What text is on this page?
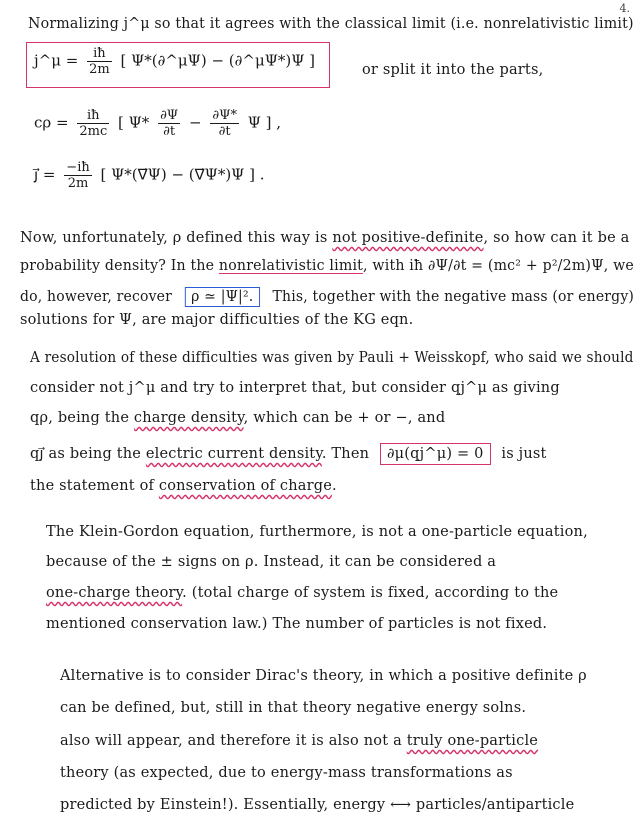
4.
Normalizing j^μ so that it agrees with the classical limit (i.e. nonrelativistic limit)
j^μ = $\frac{iħ}{2m}$ [ Ψ*(∂^μΨ) − (∂^μΨ*)Ψ ]
or split it into the parts,
$c\rho = \frac{iħ}{2mc}$ [ $\Psi* \frac{\partial\Psi}{\partial t} - \frac{\partial\Psi*}{\partial t}$ Ψ ] ,
j⃗ = $\frac{-iħ}{2m}$ [ Ψ*(∇⃗Ψ) − (∇⃗Ψ*)Ψ ] .
Now, unfortunately, ρ defined this way is not positive-definite, so how can it be a
probability density? In the nonrelativistic limit, with iħ ∂Ψ/∂t = (mc² + p²/2m)Ψ, we
do, however, recover ρ ≃ |Ψ|². This, together with the negative mass (or energy)
solutions for Ψ, are major difficulties of the KG eqn.
A resolution of these difficulties was given by Pauli + Weisskopf, who said we should
consider not j^μ and try to interpret that, but consider qj^μ as giving
qρ, being the charge density, which can be + or −, and
qj⃗ as being the electric current density. Then ∂μ(qj^μ) = 0 is just
the statement of conservation of charge.
The Klein-Gordon equation, furthermore, is not a one-particle equation,
because of the ± signs on ρ. Instead, it can be considered a
one-charge theory. (total charge of system is fixed, according to the
mentioned conservation law.) The number of particles is not fixed.
Alternative is to consider Dirac's theory, in which a positive definite ρ
can be defined, but, still in that theory negative energy solns.
also will appear, and therefore it is also not a truly one-particle
theory (as expected, due to energy-mass transformations as
predicted by Einstein!). Essentially, energy ⟷ particles/antiparticle
